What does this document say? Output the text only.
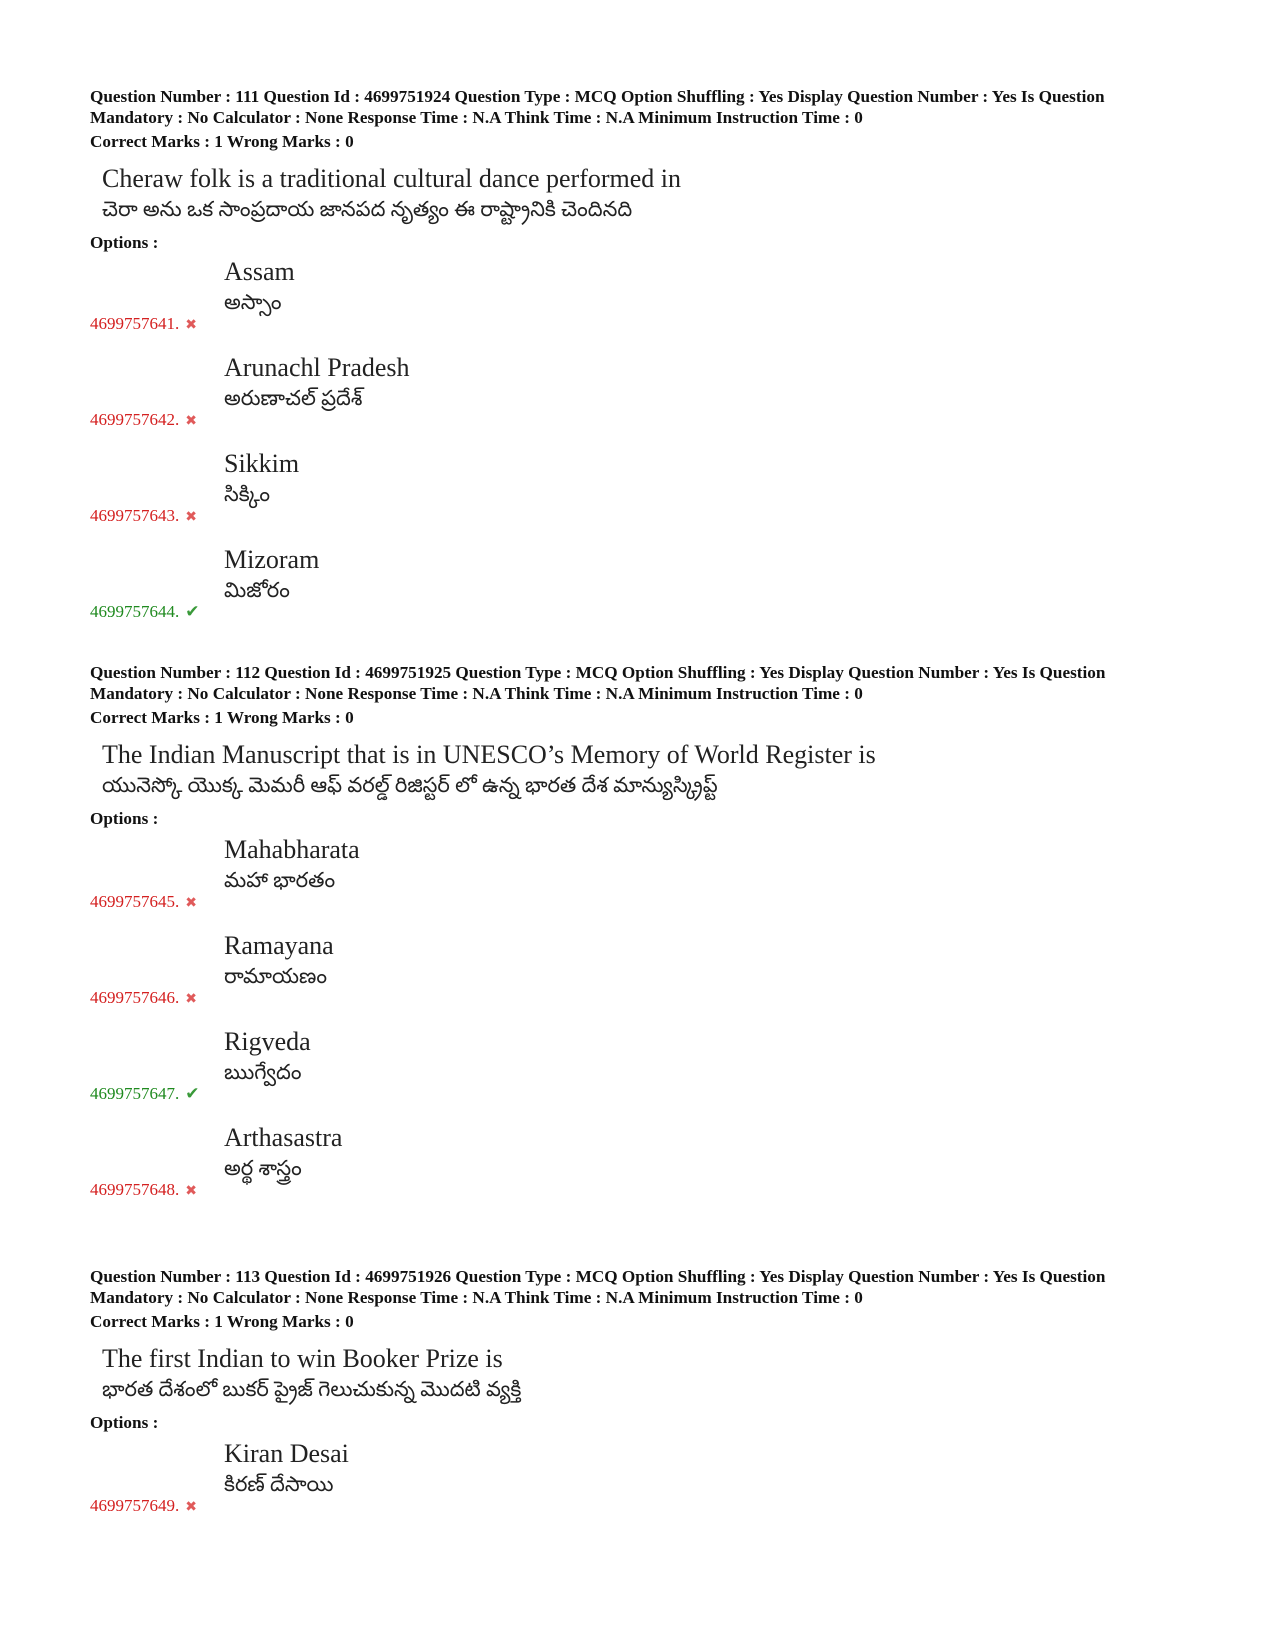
Question Number : 111 Question Id : 4699751924 Question Type : MCQ Option Shuffling : Yes Display Question Number : Yes Is Question
Mandatory : No Calculator : None Response Time : N.A Think Time : N.A Minimum Instruction Time : 0
Correct Marks : 1 Wrong Marks : 0
Cheraw folk is a traditional cultural dance performed in
చెరా అను ఒక సాంప్రదాయ జానపద నృత్యం ఈ రాష్ట్రానికి చెందినది
Options :
Assam
అస్సాం
4699757641. ✖
Arunachl Pradesh
అరుణాచల్ ప్రదేశ్
4699757642. ✖
Sikkim
సిక్కిం
4699757643. ✖
Mizoram
మిజోరం
4699757644. ✔
Question Number : 112 Question Id : 4699751925 Question Type : MCQ Option Shuffling : Yes Display Question Number : Yes Is Question
Mandatory : No Calculator : None Response Time : N.A Think Time : N.A Minimum Instruction Time : 0
Correct Marks : 1 Wrong Marks : 0
The Indian Manuscript that is in UNESCO’s Memory of World Register is
యునెస్కో యొక్క మెమరీ ఆఫ్ వరల్డ్ రిజిస్టర్ లో ఉన్న భారత దేశ మాన్యుస్క్రిప్ట్
Options :
Mahabharata
మహా భారతం
4699757645. ✖
Ramayana
రామాయణం
4699757646. ✖
Rigveda
ఋగ్వేదం
4699757647. ✔
Arthasastra
అర్థ శాస్త్రం
4699757648. ✖
Question Number : 113 Question Id : 4699751926 Question Type : MCQ Option Shuffling : Yes Display Question Number : Yes Is Question
Mandatory : No Calculator : None Response Time : N.A Think Time : N.A Minimum Instruction Time : 0
Correct Marks : 1 Wrong Marks : 0
The first Indian to win Booker Prize is
భారత దేశంలో బుకర్ ప్రైజ్ గెలుచుకున్న మొదటి వ్యక్తి
Options :
Kiran Desai
కిరణ్ దేసాయి
4699757649. ✖
